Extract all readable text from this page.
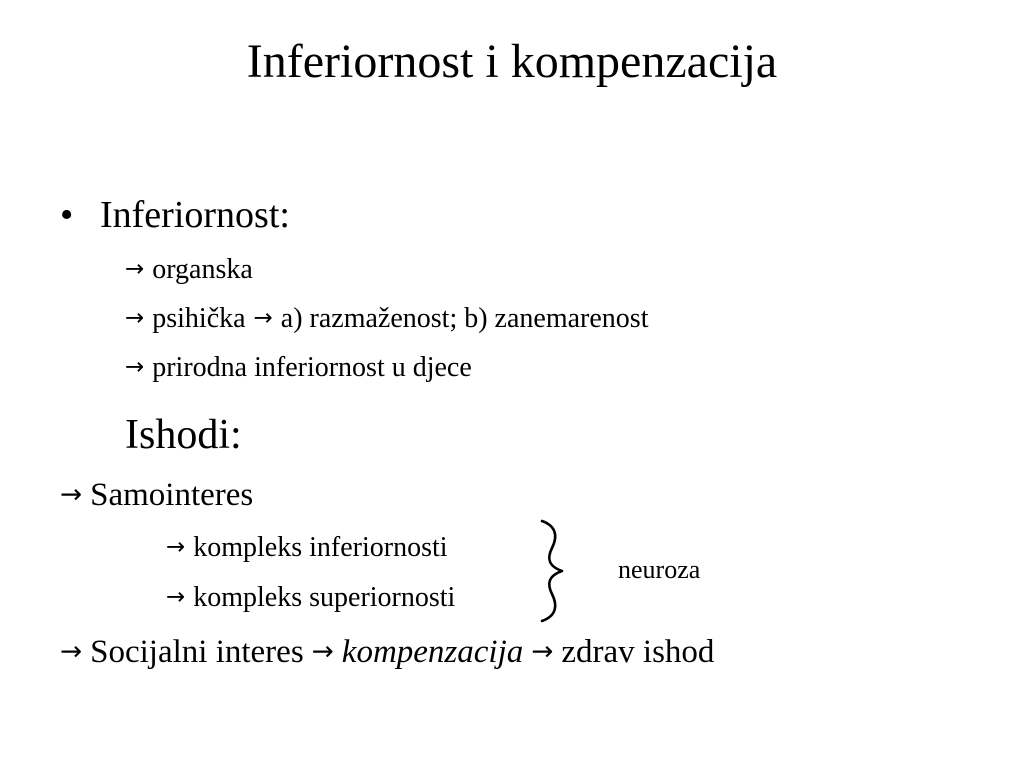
Inferiornost i kompenzacija
• Inferiornost:
→ organska
→ psihička → a) razmaženost; b) zanemarenost
→ prirodna inferiornost u djece
Ishodi:
→ Samointeres
→ kompleks inferiornosti
→ kompleks superiornosti
neuroza
→ Socijalni interes → kompenzacija → zdrav ishod
